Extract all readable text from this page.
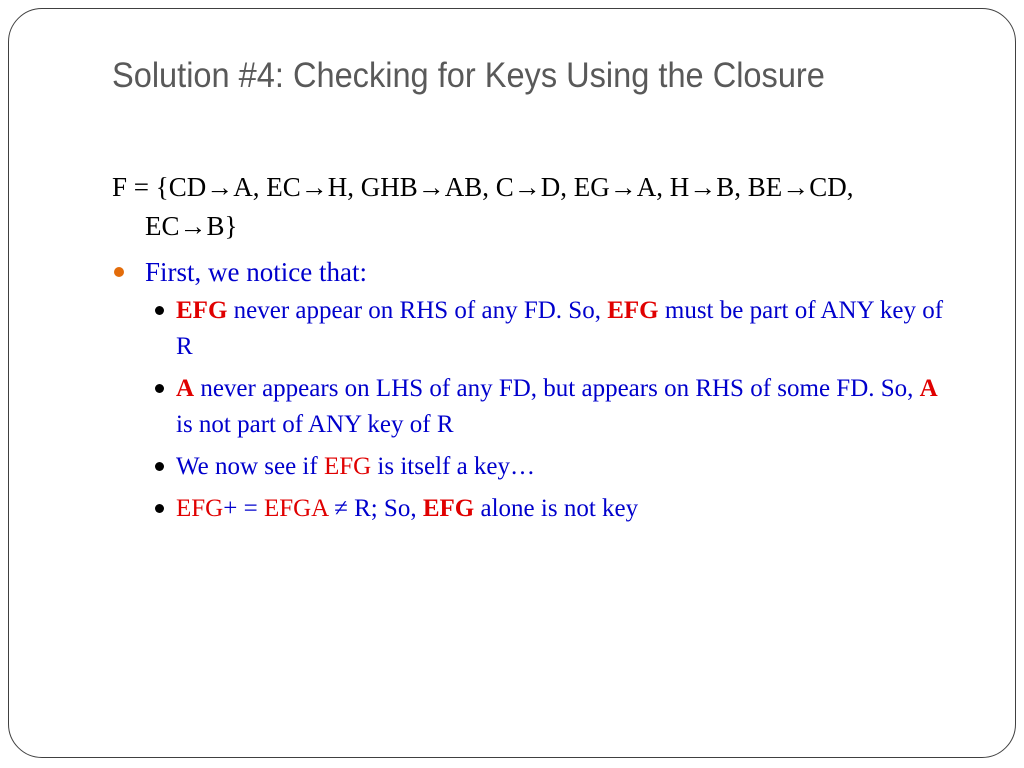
Solution #4: Checking for Keys Using the Closure
F = {CD→A, EC→H, GHB→AB, C→D, EG→A, H→B, BE→CD, EC→B}
First, we notice that:
EFG never appear on RHS of any FD. So, EFG must be part of ANY key of R
A never appears on LHS of any FD, but appears on RHS of some FD. So, A is not part of ANY key of R
We now see if EFG is itself a key…
EFG+ = EFGA ≠ R; So, EFG alone is not key
